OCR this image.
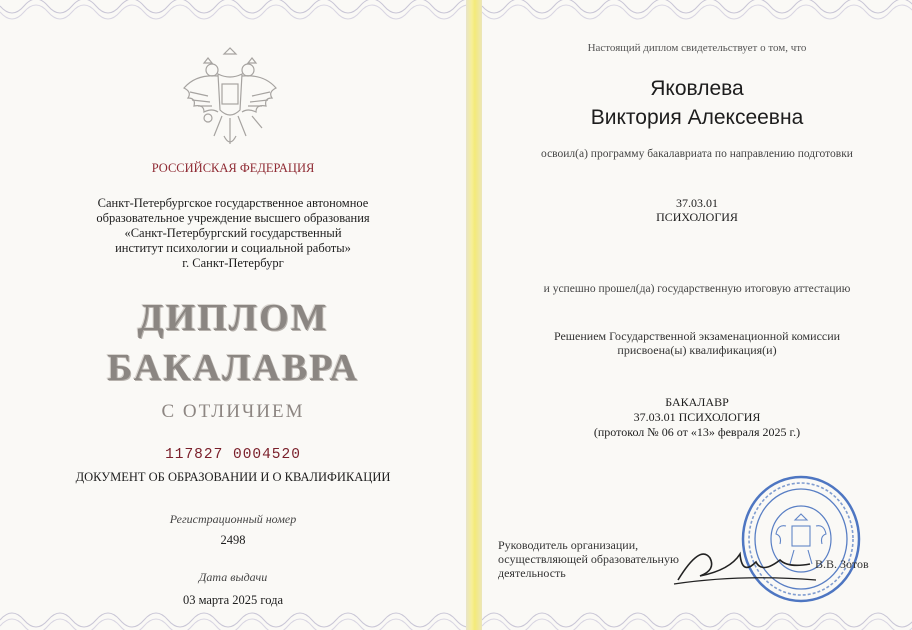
РОССИЙСКАЯ ФЕДЕРАЦИЯ
Санкт-Петербургское государственное автономное
образовательное учреждение высшего образования
«Санкт-Петербургский государственный
институт психологии и социальной работы»
г. Санкт-Петербург
ДИПЛОМ
БАКАЛАВРА
С ОТЛИЧИЕМ
117827 0004520
ДОКУМЕНТ ОБ ОБРАЗОВАНИИ И О КВАЛИФИКАЦИИ
Регистрационный номер
2498
Дата выдачи
03 марта 2025 года
Настоящий диплом свидетельствует о том, что
Яковлева
Виктория Алексеевна
освоил(а) программу бакалавриата по направлению подготовки
37.03.01
ПСИХОЛОГИЯ
и успешно прошел(да) государственную итоговую аттестацию
Решением Государственной экзаменационной комиссии
присвоена(ы) квалификация(и)
БАКАЛАВР
37.03.01 ПСИХОЛОГИЯ
(протокол № 06 от «13» февраля 2025 г.)
Руководитель организации,
осуществляющей образовательную
деятельность
В.В. Зотов
